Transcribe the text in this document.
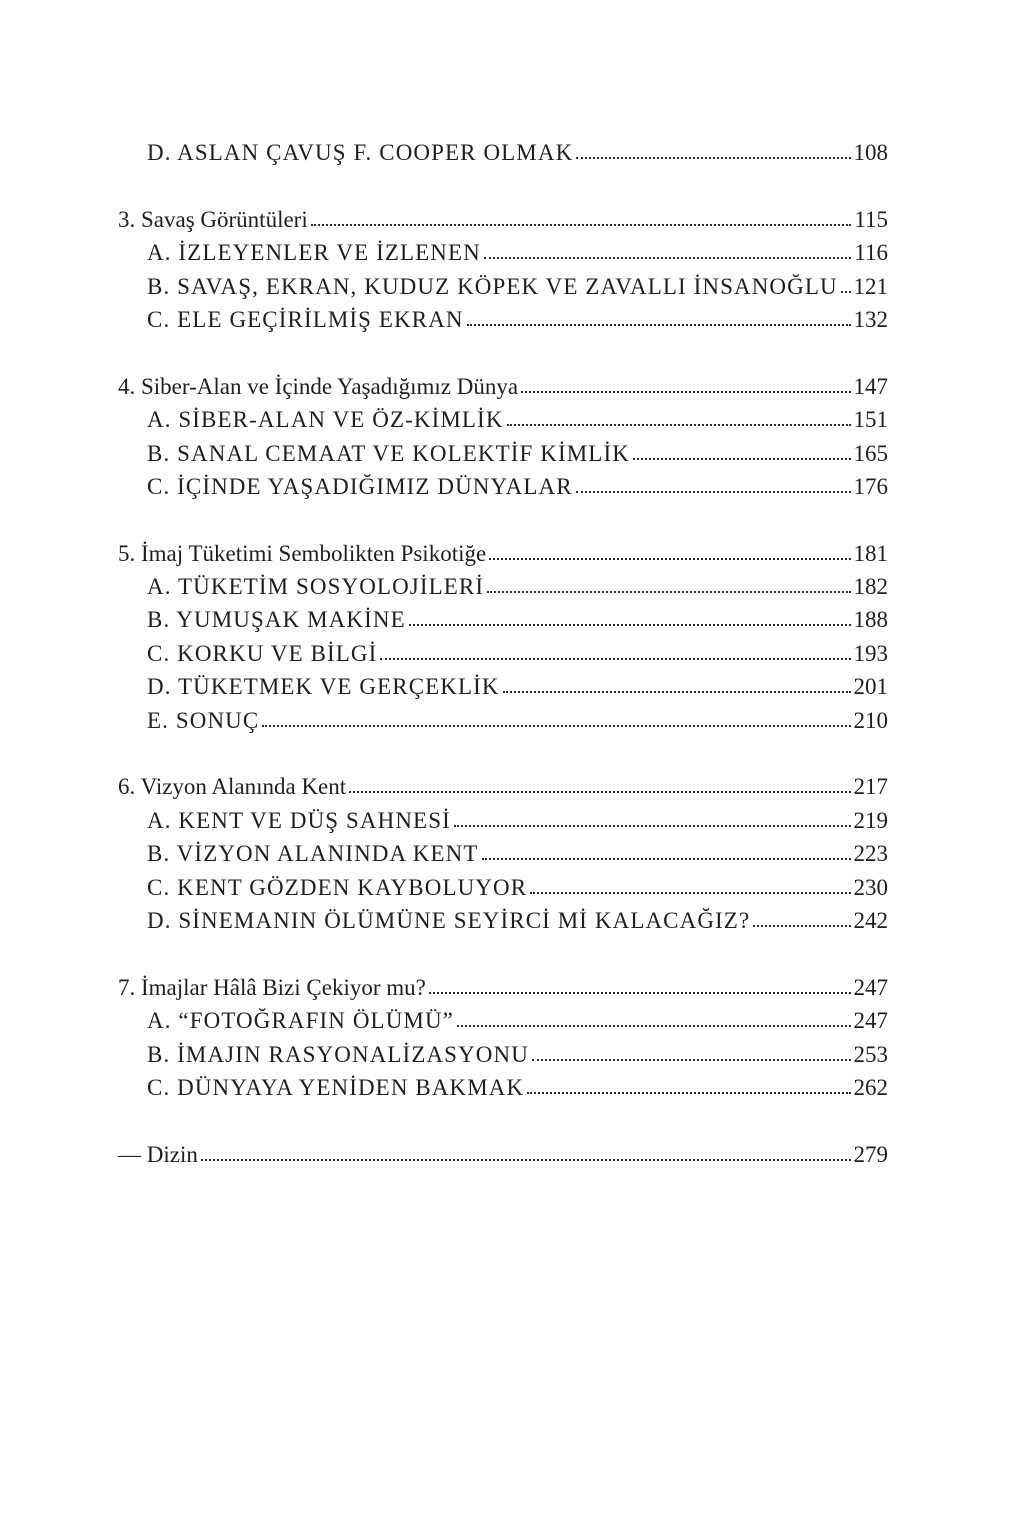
D. ASLAN ÇAVUŞ F. COOPER OLMAK	108
3. Savaş Görüntüleri	115
A. İZLEYENLER VE İZLENEN	116
B. SAVAŞ, EKRAN, KUDUZ KÖPEK VE ZAVALLI İNSANOĞLU 121
C. ELE GEÇİRİLMİŞ EKRAN	132
4. Siber-Alan ve İçinde Yaşadığımız Dünya	147
A. SİBER-ALAN VE ÖZ-KİMLİK	151
B. SANAL CEMAAT VE KOLEKTİF KİMLİK	165
C. İÇİNDE YAŞADIĞIMIZ DÜNYALAR	176
5. İmaj Tüketimi Sembolikten Psikotiğe	181
A. TÜKETİM SOSYOLOJİLERİ	182
B. YUMUŞAK MAKİNE	188
C. KORKU VE BİLGİ	193
D. TÜKETMEK VE GERÇEKLİK	201
E. SONUÇ	210
6. Vizyon Alanında Kent	217
A. KENT VE DÜŞ SAHNESİ	219
B. VİZYON ALANINDA KENT	223
C. KENT GÖZDEN KAYBOLUYOR	230
D. SİNEMANIN ÖLÜMÜNE SEYİRCİ Mİ KALACAĞIZ?	242
7. İmajlar Hâlâ Bizi Çekiyor mu?	247
A. “FOTOĞRAFIN ÖLÜMÜ”	247
B. İMAJIN RASYONALİZASYONU	253
C. DÜNYAYA YENİDEN BAKMAK	262
— Dizin	279
